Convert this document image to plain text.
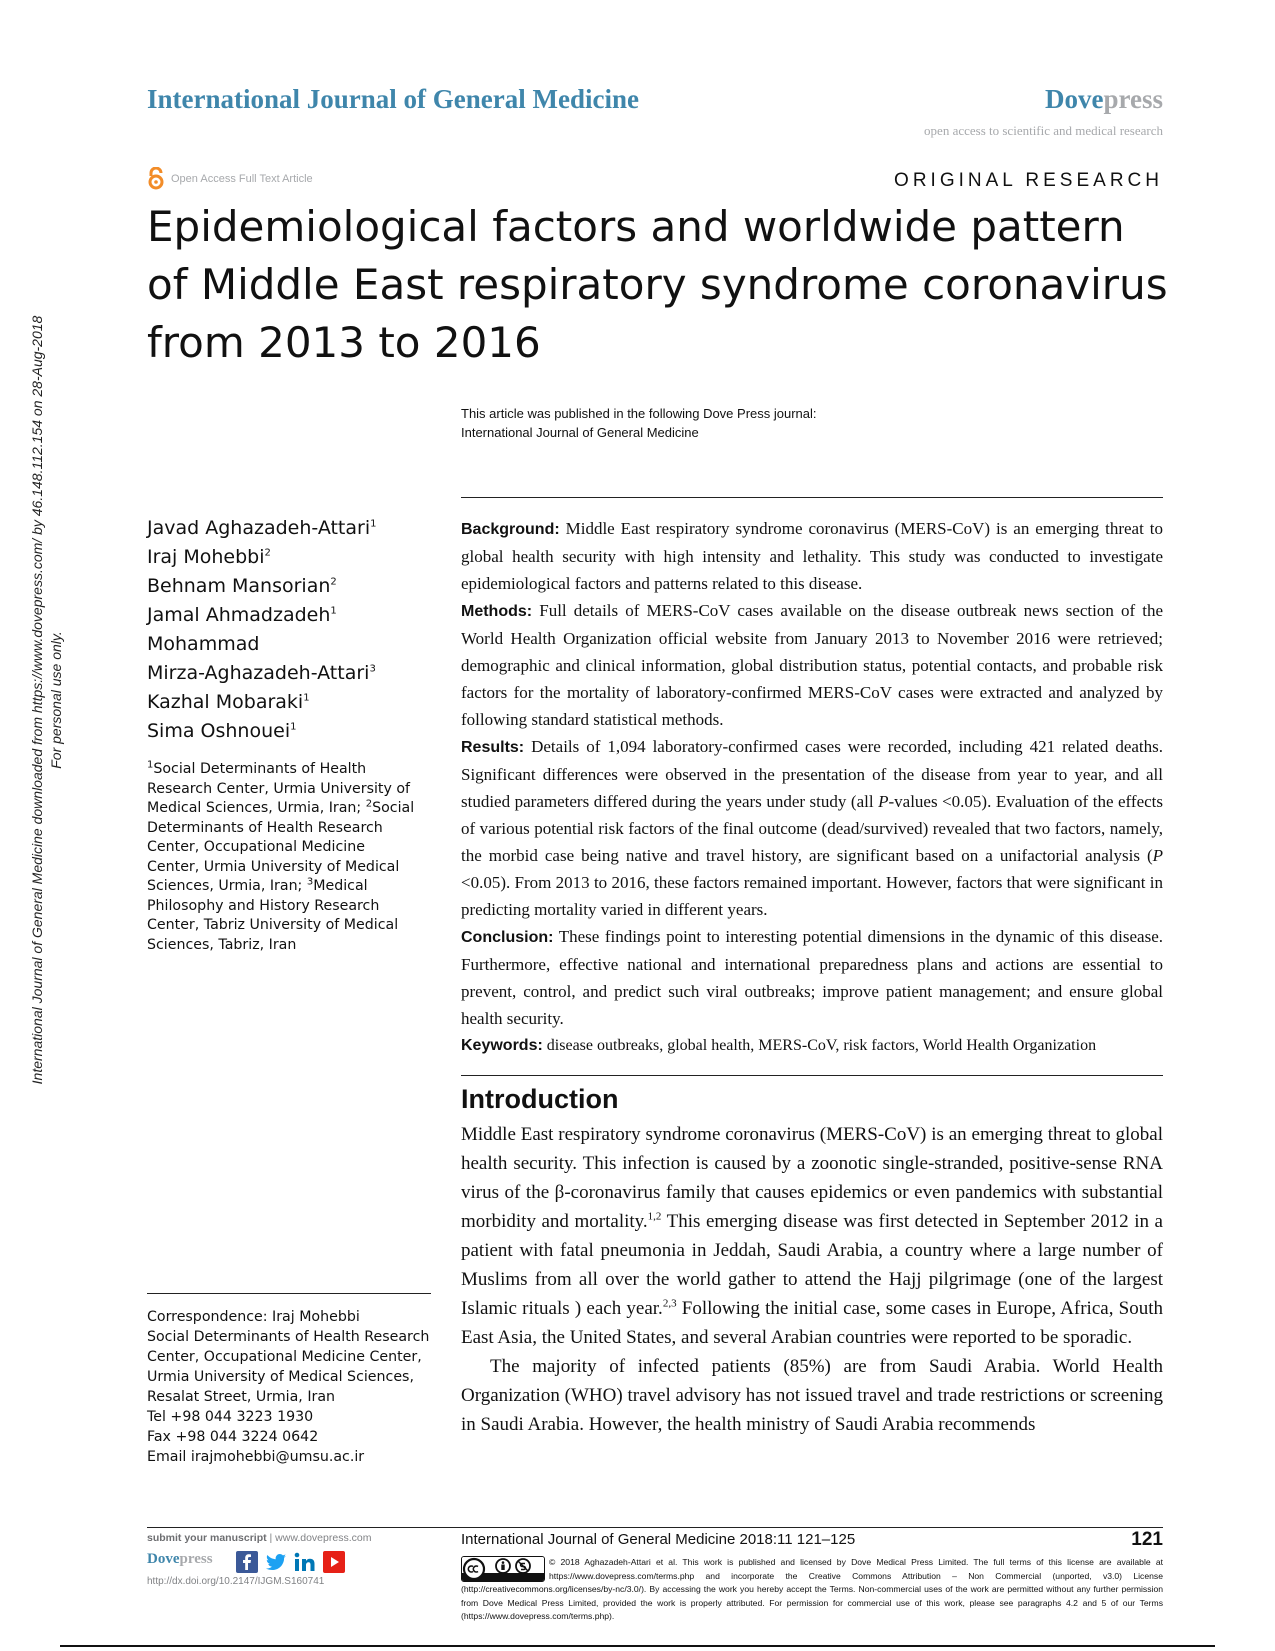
International Journal of General Medicine downloaded from https://www.dovepress.com/ by 46.148.112.154 on 28-Aug-2018 For personal use only.
International Journal of General Medicine	Dovepress
open access to scientific and medical research
Open Access Full Text Article	ORIGINAL RESEARCH
Epidemiological factors and worldwide pattern
of Middle East respiratory syndrome coronavirus
from 2013 to 2016
This article was published in the following Dove Press journal:
International Journal of General Medicine
Javad Aghazadeh-Attari$^1$
Iraj Mohebbi$^2$
Behnam Mansorian$^2$
Jamal Ahmadzadeh$^1$
Mohammad
Mirza-Aghazadeh-Attari$^3$
Kazhal Mobaraki$^1$
Sima Oshnouei$^1$
$^1$Social Determinants of Health
Research Center, Urmia University of
Medical Sciences, Urmia, Iran; $^2$Social
Determinants of Health Research
Center, Occupational Medicine
Center, Urmia University of Medical
Sciences, Urmia, Iran; $^3$Medical
Philosophy and History Research
Center, Tabriz University of Medical
Sciences, Tabriz, Iran
Correspondence: Iraj Mohebbi
Social Determinants of Health Research
Center, Occupational Medicine Center,
Urmia University of Medical Sciences,
Resalat Street, Urmia, Iran
Tel +98 044 3223 1930
Fax +98 044 3224 0642
Email irajmohebbi@umsu.ac.ir

Background: Middle East respiratory syndrome coronavirus (MERS-CoV) is an emerging threat to global health security with high intensity and lethality. This study was conducted to investigate epidemiological factors and patterns related to this disease.

Methods: Full details of MERS-CoV cases available on the disease outbreak news section of the World Health Organization official website from January 2013 to November 2016 were retrieved; demographic and clinical information, global distribution status, potential contacts, and probable risk factors for the mortality of laboratory-confirmed MERS-CoV cases were extracted and analyzed by following standard statistical methods.

Results: Details of 1,094 laboratory-confirmed cases were recorded, including 421 related deaths. Significant differences were observed in the presentation of the disease from year to year, and all studied parameters differed during the years under study (all P-values <0.05). Evaluation of the effects of various potential risk factors of the final outcome (dead/survived) revealed that two factors, namely, the morbid case being native and travel history, are significant based on a unifactorial analysis (P <0.05). From 2013 to 2016, these factors remained important. However, factors that were significant in predicting mortality varied in different years.

Conclusion: These findings point to interesting potential dimensions in the dynamic of this disease. Furthermore, effective national and international preparedness plans and actions are essential to prevent, control, and predict such viral outbreaks; improve patient management; and ensure global health security.

Keywords: disease outbreaks, global health, MERS-CoV, risk factors, World Health Organization

Introduction

Middle East respiratory syndrome coronavirus (MERS-CoV) is an emerging threat to global health security. This infection is caused by a zoonotic single-stranded, positive-sense RNA virus of the β-coronavirus family that causes epidemics or even pandemics with substantial morbidity and mortality.$^{1,2}$ This emerging disease was first detected in September 2012 in a patient with fatal pneumonia in Jeddah, Saudi Arabia, a country where a large number of Muslims from all over the world gather to attend the Hajj pilgrimage (one of the largest Islamic rituals ) each year.$^{2,3}$ Following the initial case, some cases in Europe, Africa, South East Asia, the United States, and several Arabian countries were reported to be sporadic.

The majority of infected patients (85%) are from Saudi Arabia. World Health Organization (WHO) travel advisory has not issued travel and trade restrictions or screening in Saudi Arabia. However, the health ministry of Saudi Arabia recommends

submit your manuscript | www.dovepress.com
Dovepress
http://dx.doi.org/10.2147/IJGM.S160741
International Journal of General Medicine 2018:11 121–125	121
© 2018 Aghazadeh-Attari et al. This work is published and licensed by Dove Medical Press Limited. The full terms of this license are available at https://www.dovepress.com/terms.php and incorporate the Creative Commons Attribution – Non Commercial (unported, v3.0) License (http://creativecommons.org/licenses/by-nc/3.0/). By accessing the work you hereby accept the Terms. Non-commercial uses of the work are permitted without any further permission from Dove Medical Press Limited, provided the work is properly attributed. For permission for commercial use of this work, please see paragraphs 4.2 and 5 of our Terms (https://www.dovepress.com/terms.php).
